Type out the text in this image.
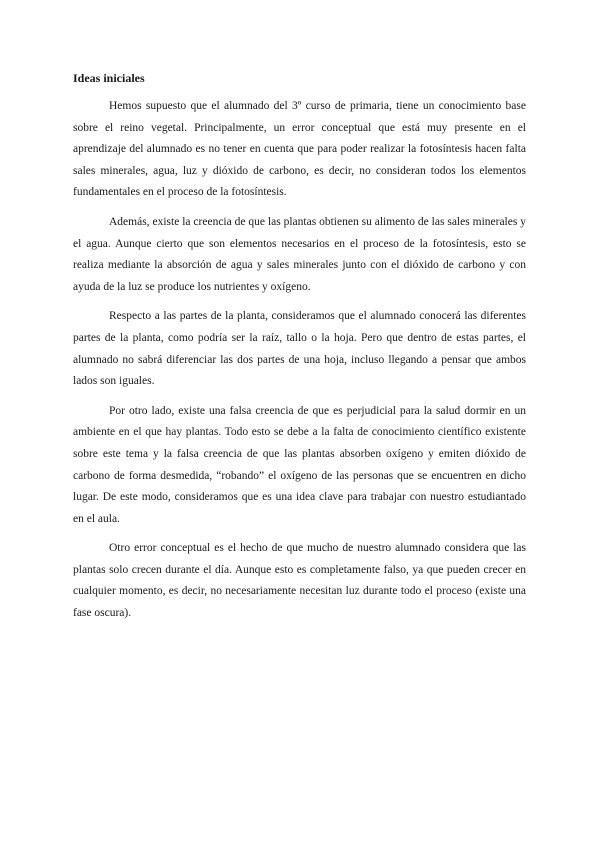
Ideas iniciales

Hemos supuesto que el alumnado del 3º curso de primaria, tiene un conocimiento base sobre el reino vegetal. Principalmente, un error conceptual que está muy presente en el aprendizaje del alumnado es no tener en cuenta que para poder realizar la fotosíntesis hacen falta sales minerales, agua, luz y dióxido de carbono, es decir, no consideran todos los elementos fundamentales en el proceso de la fotosíntesis.

Además, existe la creencia de que las plantas obtienen su alimento de las sales minerales y el agua. Aunque cierto que son elementos necesarios en el proceso de la fotosíntesis, esto se realiza mediante la absorción de agua y sales minerales junto con el dióxido de carbono y con ayuda de la luz se produce los nutrientes y oxígeno.

Respecto a las partes de la planta, consideramos que el alumnado conocerá las diferentes partes de la planta, como podría ser la raíz, tallo o la hoja. Pero que dentro de estas partes, el alumnado no sabrá diferenciar las dos partes de una hoja, incluso llegando a pensar que ambos lados son iguales.

Por otro lado, existe una falsa creencia de que es perjudicial para la salud dormir en un ambiente en el que hay plantas. Todo esto se debe a la falta de conocimiento científico existente sobre este tema y la falsa creencia de que las plantas absorben oxígeno y emiten dióxido de carbono de forma desmedida, “robando” el oxígeno de las personas que se encuentren en dicho lugar. De este modo, consideramos que es una idea clave para trabajar con nuestro estudiantado en el aula.

Otro error conceptual es el hecho de que mucho de nuestro alumnado considera que las plantas solo crecen durante el día. Aunque esto es completamente falso, ya que pueden crecer en cualquier momento, es decir, no necesariamente necesitan luz durante todo el proceso (existe una fase oscura).
